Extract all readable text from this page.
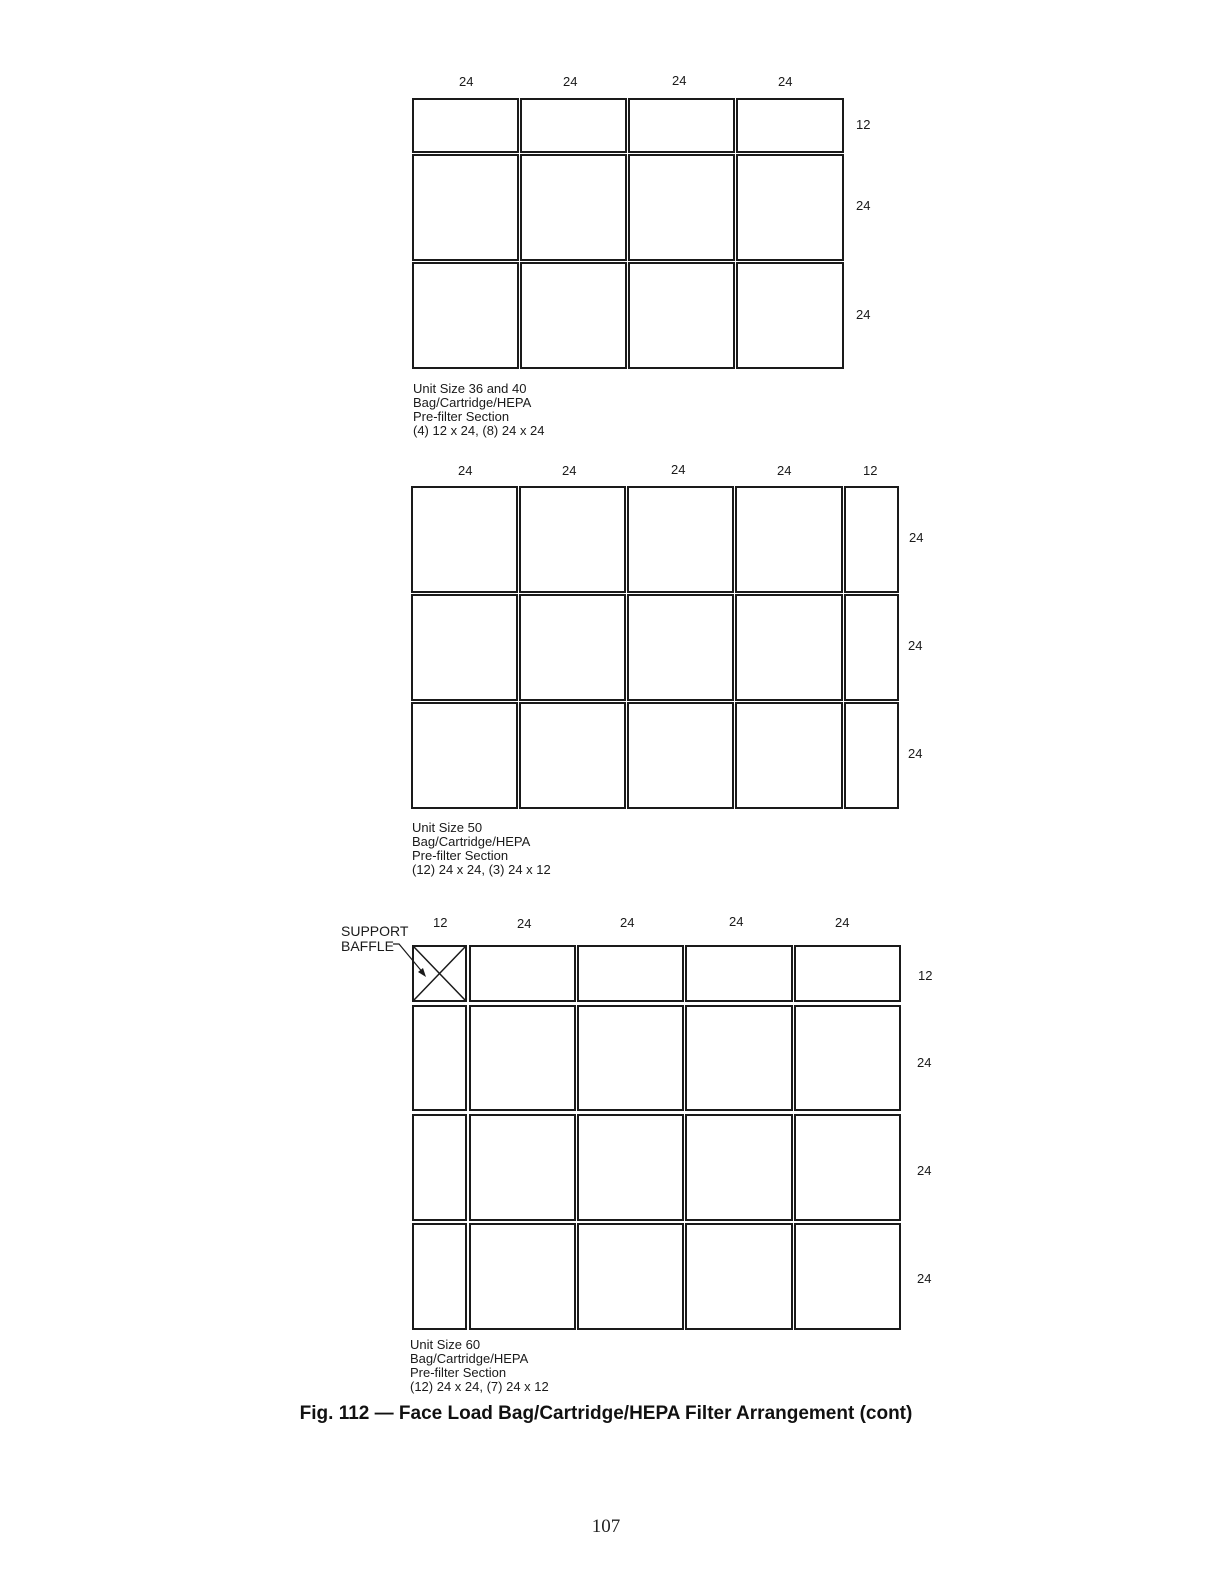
24	24	24	24
12
24
24
Unit Size 36 and 40
Bag/Cartridge/HEPA
Pre-filter Section
(4) 12 x 24, (8) 24 x 24
24	24	24	24	12
24
24
24
Unit Size 50
Bag/Cartridge/HEPA
Pre-filter Section
(12) 24 x 24, (3) 24 x 12
SUPPORT
BAFFLE
12	24	24	24	24
12
24
24
24
Unit Size 60
Bag/Cartridge/HEPA
Pre-filter Section
(12) 24 x 24, (7) 24 x 12
Fig. 112 — Face Load Bag/Cartridge/HEPA Filter Arrangement (cont)
107
